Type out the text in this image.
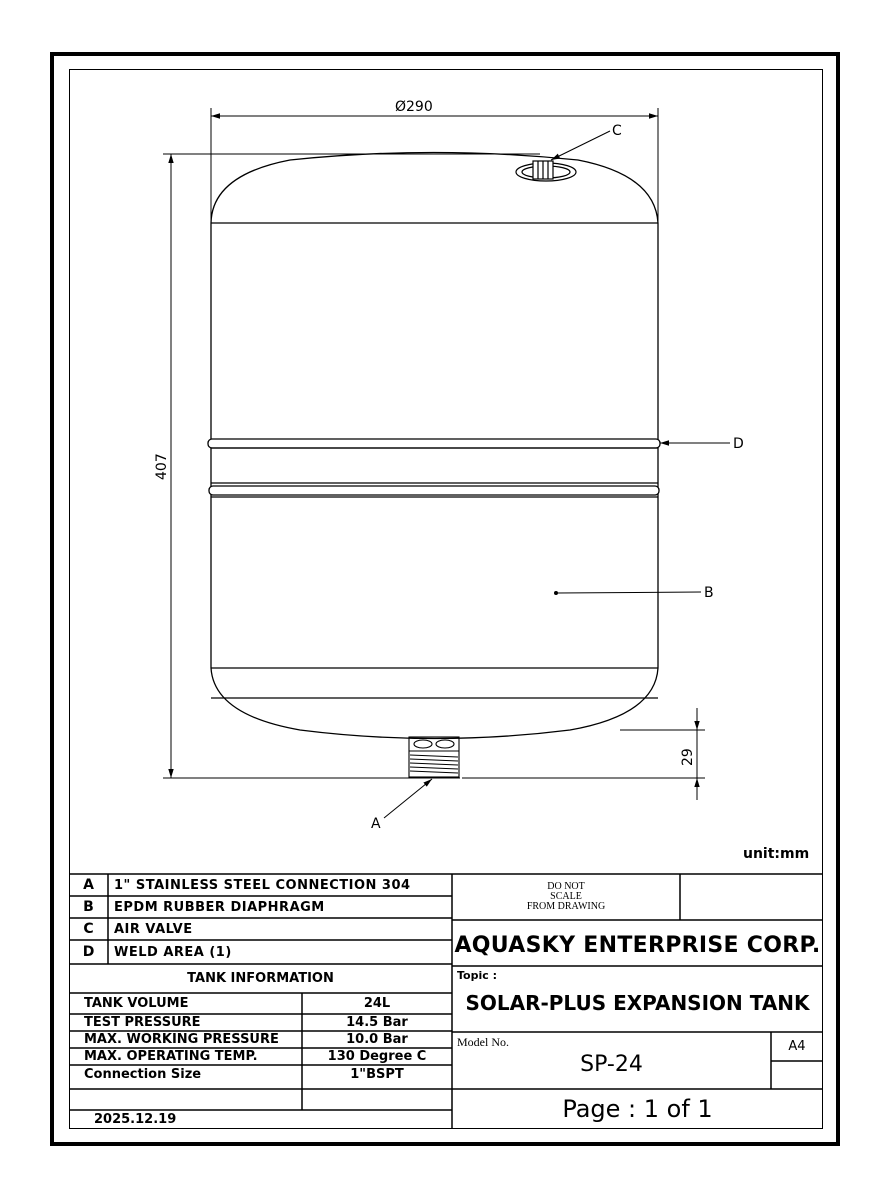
Ø290
407
29
C
D
B
A
unit:mm
A	1" STAINLESS STEEL CONNECTION 304
B	EPDM RUBBER DIAPHRAGM
C	AIR VALVE
D	WELD AREA (1)
TANK INFORMATION
TANK VOLUME	24L
TEST PRESSURE	14.5 Bar
MAX. WORKING PRESSURE	10.0 Bar
MAX. OPERATING TEMP.	130 Degree C
Connection Size	1"BSPT
2025.12.19
DO NOT
SCALE
FROM DRAWING
AQUASKY ENTERPRISE CORP.
Topic :
SOLAR-PLUS EXPANSION TANK
Model No.
SP-24
A4
Page : 1 of 1
